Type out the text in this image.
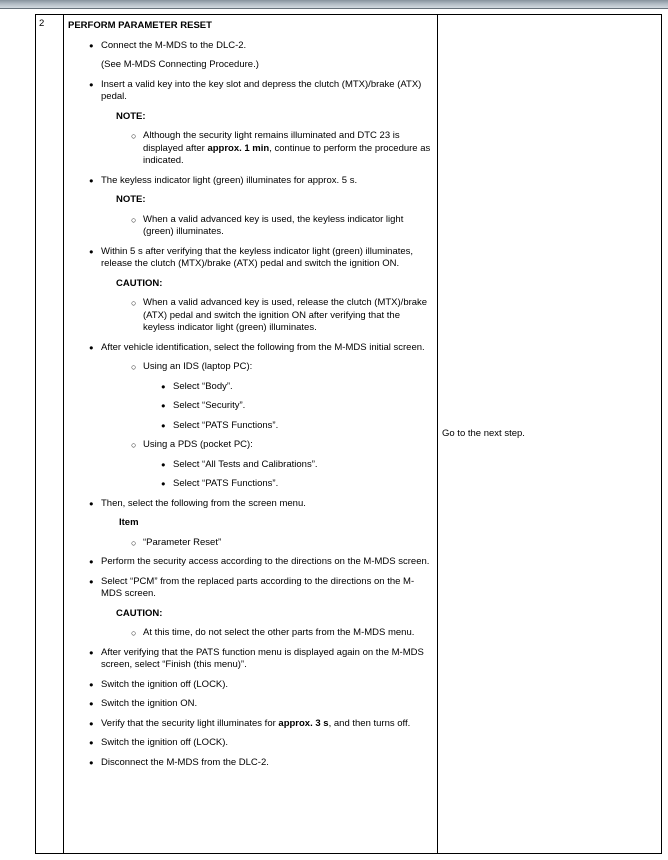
2	PERFORM PARAMETER RESET
● Connect the M-MDS to the DLC-2.
(See M-MDS Connecting Procedure.)
● Insert a valid key into the key slot and depress the clutch (MTX)/brake (ATX) pedal.
NOTE:
○ Although the security light remains illuminated and DTC 23 is displayed after approx. 1 min, continue to perform the procedure as indicated.
● The keyless indicator light (green) illuminates for approx. 5 s.
NOTE:
○ When a valid advanced key is used, the keyless indicator light (green) illuminates.
● Within 5 s after verifying that the keyless indicator light (green) illuminates, release the clutch (MTX)/brake (ATX) pedal and switch the ignition ON.
CAUTION:
○ When a valid advanced key is used, release the clutch (MTX)/brake (ATX) pedal and switch the ignition ON after verifying that the keyless indicator light (green) illuminates.
● After vehicle identification, select the following from the M-MDS initial screen.
○ Using an IDS (laptop PC):
● Select “Body”.
● Select “Security”.
● Select “PATS Functions”.
○ Using a PDS (pocket PC):
● Select “All Tests and Calibrations”.
● Select “PATS Functions”.
● Then, select the following from the screen menu.
Item
○ “Parameter Reset”
● Perform the security access according to the directions on the M-MDS screen.
● Select “PCM” from the replaced parts according to the directions on the M-MDS screen.
CAUTION:
○ At this time, do not select the other parts from the M-MDS menu.
● After verifying that the PATS function menu is displayed again on the M-MDS screen, select “Finish (this menu)”.
● Switch the ignition off (LOCK).
● Switch the ignition ON.
● Verify that the security light illuminates for approx. 3 s, and then turns off.
● Switch the ignition off (LOCK).
● Disconnect the M-MDS from the DLC-2.
Go to the next step.
